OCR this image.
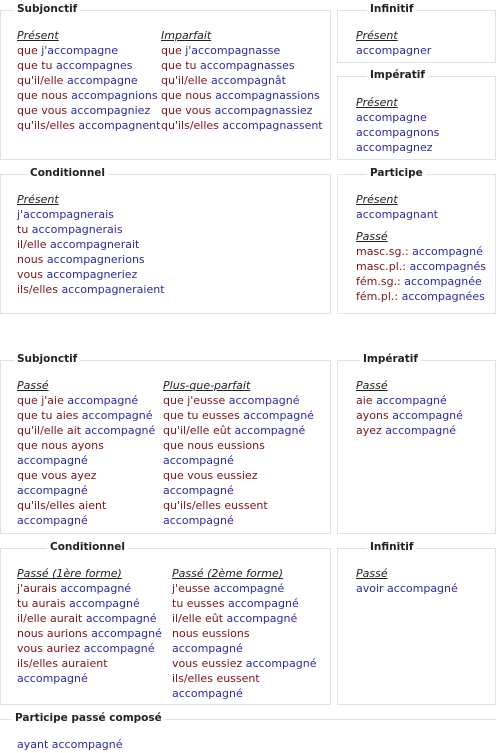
Subjonctif
Présent
que j'accompagne
que tu accompagnes
qu'il/elle accompagne
que nous accompagnions
que vous accompagniez
qu'ils/elles accompagnent
Imparfait
que j'accompagnasse
que tu accompagnasses
qu'il/elle accompagnât
que nous accompagnassions
que vous accompagnassiez
qu'ils/elles accompagnassent
Infinitif
Présent
accompagner
Impératif
Présent
accompagne
accompagnons
accompagnez
Conditionnel
Présent
j'accompagnerais
tu accompagnerais
il/elle accompagnerait
nous accompagnerions
vous accompagneriez
ils/elles accompagneraient
Participe
Présent
accompagnant
Passé
masc.sg.: accompagné
masc.pl.: accompagnés
fém.sg.: accompagnée
fém.pl.: accompagnées
Subjonctif
Passé
que j'aie accompagné
que tu aies accompagné
qu'il/elle ait accompagné
que nous ayons
accompagné
que vous ayez
accompagné
qu'ils/elles aient
accompagné
Plus-que-parfait
que j'eusse accompagné
que tu eusses accompagné
qu'il/elle eût accompagné
que nous eussions
accompagné
que vous eussiez
accompagné
qu'ils/elles eussent
accompagné
Impératif
Passé
aie accompagné
ayons accompagné
ayez accompagné
Conditionnel
Passé (1ère forme)
j'aurais accompagné
tu aurais accompagné
il/elle aurait accompagné
nous aurions accompagné
vous auriez accompagné
ils/elles auraient
accompagné
Passé (2ème forme)
j'eusse accompagné
tu eusses accompagné
il/elle eût accompagné
nous eussions
accompagné
vous eussiez accompagné
ils/elles eussent
accompagné
Infinitif
Passé
avoir accompagné
Participe passé composé
ayant accompagné
